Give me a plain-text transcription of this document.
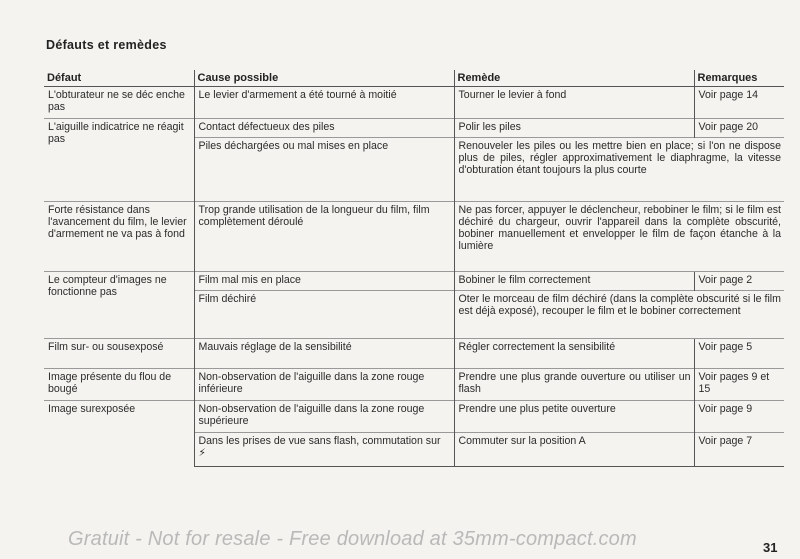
Défauts et remèdes
Défaut	Cause possible	Remède	Remarques
L'obturateur ne se déc enche pas	Le levier d'armement a été tourné à moitié	Tourner le levier à fond	Voir page 14
L'aiguille indicatrice ne réagit pas	Contact défectueux des piles	Polir les piles	Voir page 20
	Piles déchargées ou mal mises en place	Renouveler les piles ou les mettre bien en place; si l'on ne dispose plus de piles, régler approximativement le diaphragme, la vitesse d'obturation étant toujours la plus courte	
Forte résistance dans l'avancement du film, le levier d'armement ne va pas à fond	Trop grande utilisation de la longueur du film, film complètement déroulé	Ne pas forcer, appuyer le déclencheur, rebobiner le film; si le film est déchiré du chargeur, ouvrir l'appareil dans la complète obscurité, bobiner manuellement et envelopper le film de façon étanche à la lumière	
Le compteur d'images ne fonctionne pas	Film mal mis en place	Bobiner le film correctement	Voir page 2
	Film déchiré	Oter le morceau de film déchiré (dans la complète obscurité si le film est déjà exposé), recouper le film et le bobiner correctement	
Film sur- ou sousexposé	Mauvais réglage de la sensibilité	Régler correctement la sensibilité	Voir page 5
Image présente du flou de bougé	Non-observation de l'aiguille dans la zone rouge inférieure	Prendre une plus grande ouverture ou utiliser un flash	Voir pages 9 et 15
Image surexposée	Non-observation de l'aiguille dans la zone rouge supérieure	Prendre une plus petite ouverture	Voir page 9
	Dans les prises de vue sans flash, commutation sur ⚡	Commuter sur la position A	Voir page 7
Gratuit - Not for resale - Free download at 35mm-compact.com	31
